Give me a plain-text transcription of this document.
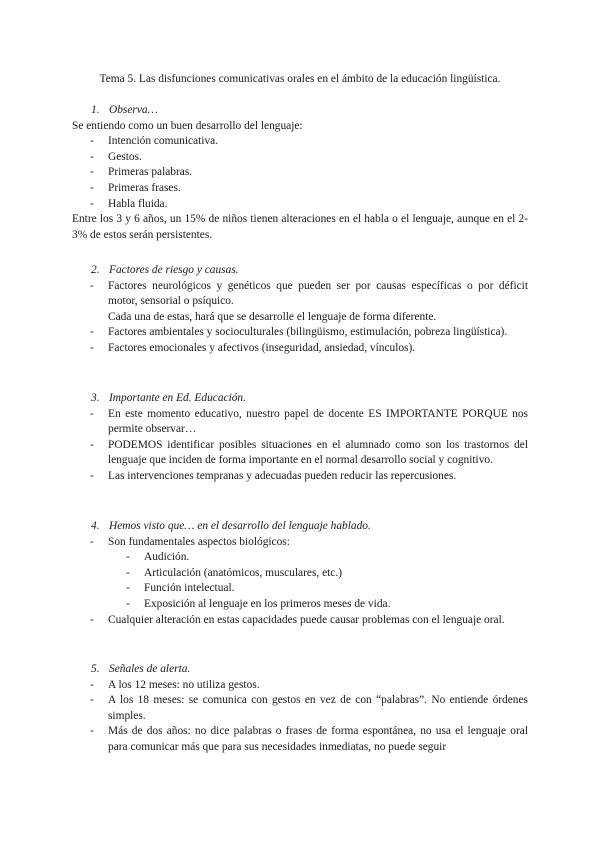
Tema 5. Las disfunciones comunicativas orales en el ámbito de la educación lingüística.
1. Observa…
Se entiendo como un buen desarrollo del lenguaje:
- Intención comunicativa.
- Gestos.
- Primeras palabras.
- Primeras frases.
- Habla fluida.
Entre los 3 y 6 años, un 15% de niños tienen alteraciones en el habla o el lenguaje, aunque en el 2-3% de estos serán persistentes.
2. Factores de riesgo y causas.
- Factores neurológicos y genéticos que pueden ser por causas específicas o por déficit motor, sensorial o psíquico.
Cada una de estas, hará que se desarrolle el lenguaje de forma diferente.
- Factores ambientales y socioculturales (bilingüismo, estimulación, pobreza lingüística).
- Factores emocionales y afectivos (inseguridad, ansiedad, vínculos).
3. Importante en Ed. Educación.
- En este momento educativo, nuestro papel de docente ES IMPORTANTE PORQUE nos permite observar…
- PODEMOS identificar posibles situaciones en el alumnado como son los trastornos del lenguaje que inciden de forma importante en el normal desarrollo social y cognitivo.
- Las intervenciones tempranas y adecuadas pueden reducir las repercusiones.
4. Hemos visto que… en el desarrollo del lenguaje hablado.
- Son fundamentales aspectos biológicos:
- Audición.
- Articulación (anatómicos, musculares, etc.)
- Función intelectual.
- Exposición al lenguaje en los primeros meses de vida.
- Cualquier alteración en estas capacidades puede causar problemas con el lenguaje oral.
5. Señales de alerta.
- A los 12 meses: no utiliza gestos.
- A los 18 meses: se comunica con gestos en vez de con “palabras”. No entiende órdenes simples.
- Más de dos años: no dice palabras o frases de forma espontánea, no usa el lenguaje oral para comunicar más que para sus necesidades inmediatas, no puede seguir
